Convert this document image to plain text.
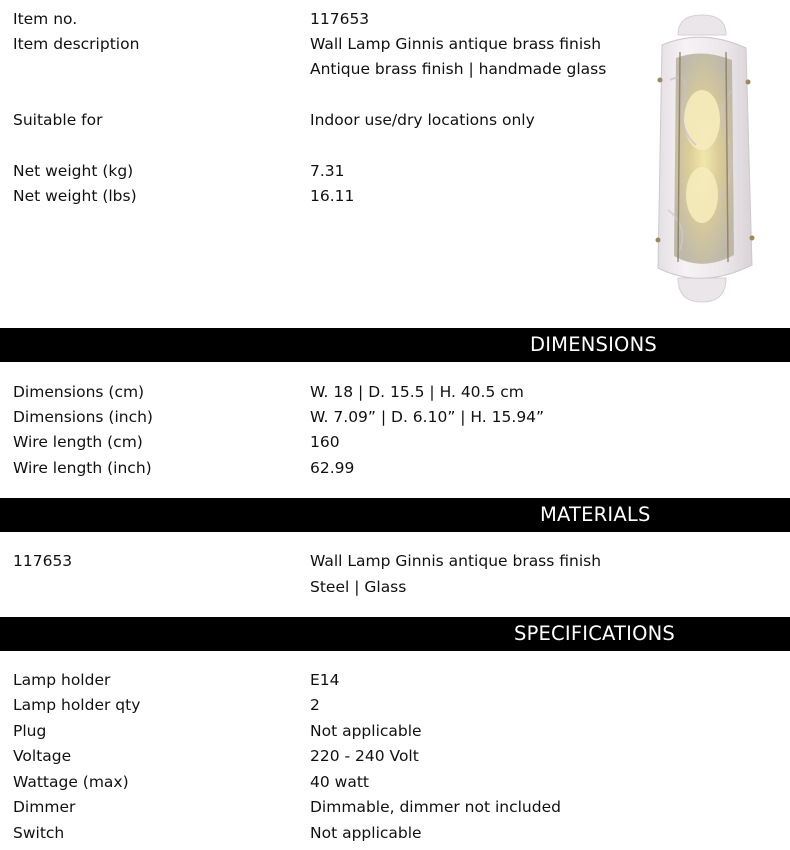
Item no.	117653
Item description	Wall Lamp Ginnis antique brass finish
Antique brass finish | handmade glass
Suitable for	Indoor use/dry locations only
Net weight (kg)	7.31
Net weight (lbs)	16.11
DIMENSIONS
Dimensions (cm)	W. 18 | D. 15.5 | H. 40.5 cm
Dimensions (inch)	W. 7.09” | D. 6.10” | H. 15.94”
Wire length (cm)	160
Wire length (inch)	62.99
MATERIALS
117653	Wall Lamp Ginnis antique brass finish
Steel | Glass
SPECIFICATIONS
Lamp holder	E14
Lamp holder qty	2
Plug	Not applicable
Voltage	220 - 240 Volt
Wattage (max)	40 watt
Dimmer	Dimmable, dimmer not included
Switch	Not applicable
